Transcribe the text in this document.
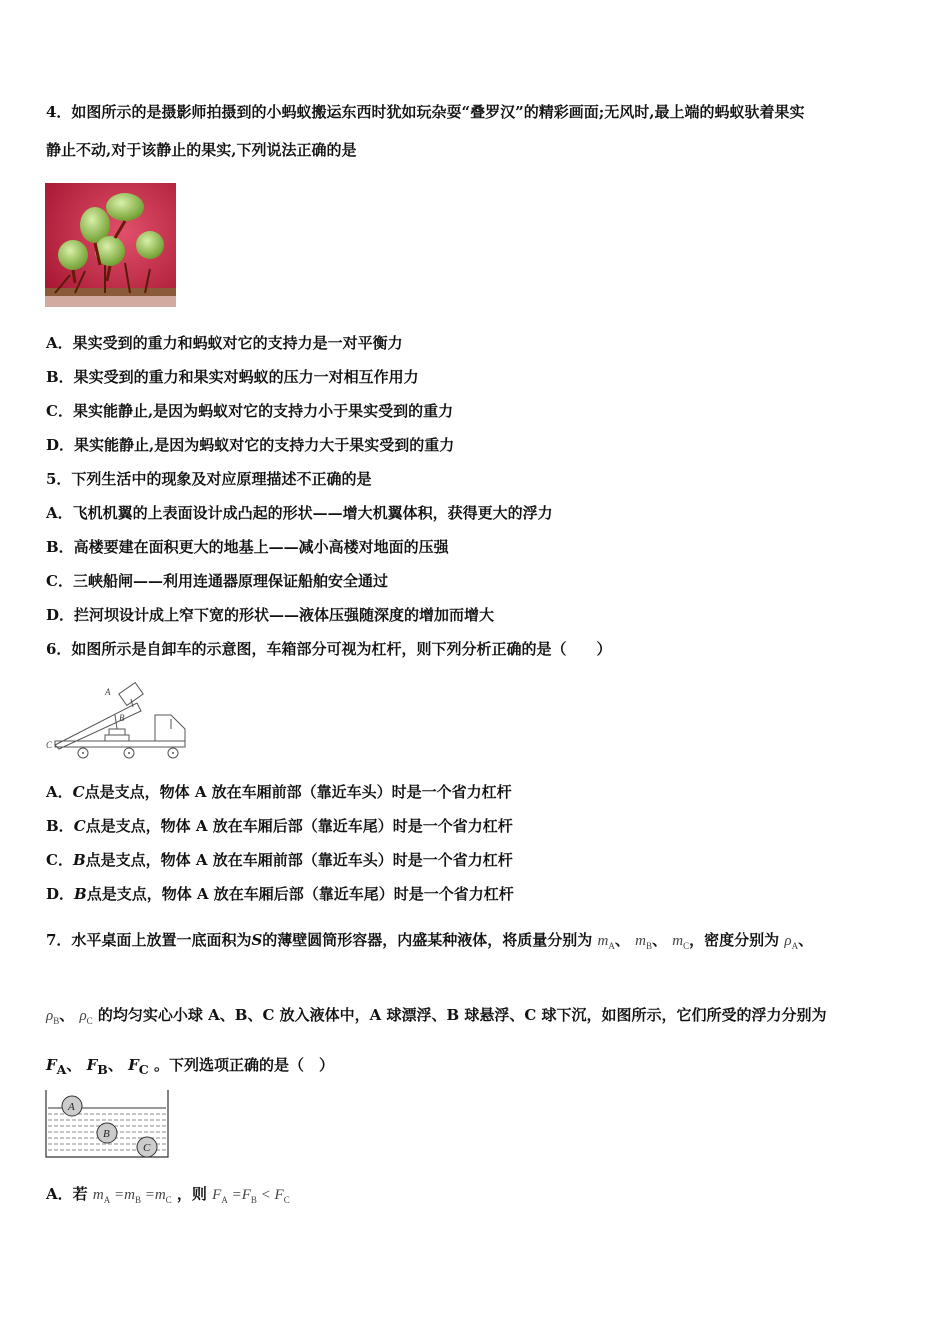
4．如图所示的是摄影师拍摄到的小蚂蚁搬运东西时犹如玩杂耍“叠罗汉”的精彩画面;无风时,最上端的蚂蚁驮着果实
静止不动,对于该静止的果实,下列说法正确的是
A．果实受到的重力和蚂蚁对它的支持力是一对平衡力
B．果实受到的重力和果实对蚂蚁的压力一对相互作用力
C．果实能静止,是因为蚂蚁对它的支持力小于果实受到的重力
D．果实能静止,是因为蚂蚁对它的支持力大于果实受到的重力
5．下列生活中的现象及对应原理描述不正确的是
A．飞机机翼的上表面设计成凸起的形状——增大机翼体积，获得更大的浮力
B．高楼要建在面积更大的地基上——减小高楼对地面的压强
C．三峡船闸——利用连通器原理保证船舶安全通过
D．拦河坝设计成上窄下宽的形状——液体压强随深度的增加而增大
6．如图所示是自卸车的示意图，车箱部分可视为杠杆，则下列分析正确的是（　　）
A
B
C
A．C点是支点，物体 A 放在车厢前部（靠近车头）时是一个省力杠杆
B．C点是支点，物体 A 放在车厢后部（靠近车尾）时是一个省力杠杆
C．B点是支点，物体 A 放在车厢前部（靠近车头）时是一个省力杠杆
D．B点是支点，物体 A 放在车厢后部（靠近车尾）时是一个省力杠杆
7．水平桌面上放置一底面积为S的薄壁圆筒形容器，内盛某种液体，将质量分别为 $m_A$、 $m_B$、 $m_C$，密度分别为 $\rho_A$、
$\rho_B$、 $\rho_C$ 的均匀实心小球 A、B、C 放入液体中，A 球漂浮、B 球悬浮、C 球下沉，如图所示，它们所受的浮力分别为
$F_A$、 $F_B$、 $F_C$ 。下列选项正确的是（　）
A
B
C
A．若 $m_A =m_B =m_C$ ，则 $F_A =F_B < F_C$
